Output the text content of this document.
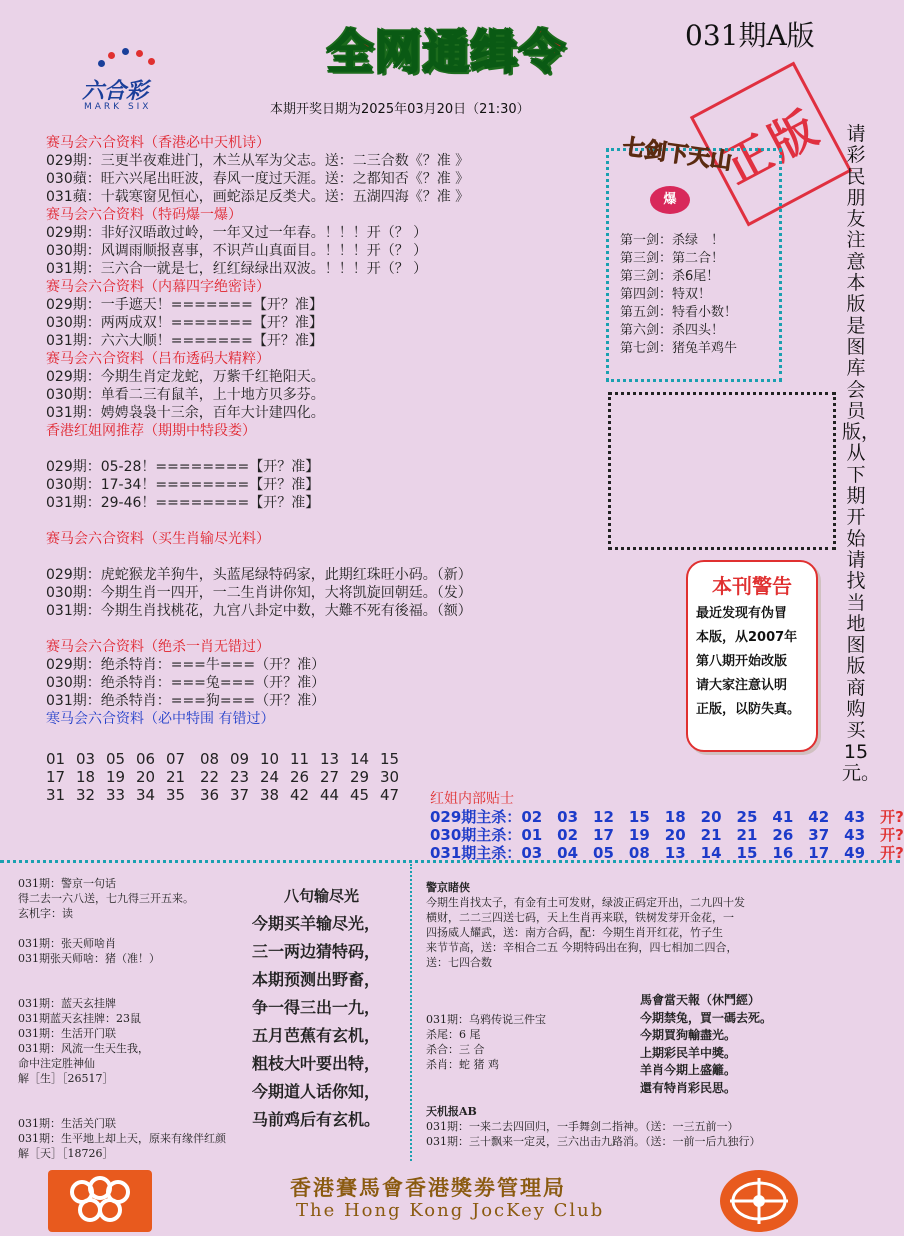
六合彩
MARK SIX
全网通缉令	031期A版
本期开奖日期为2025年03月20日（21:30）	正版
赛马会六合资料（香港必中天机诗）
029期：三更半夜难进门，木兰从军为父志。送：二三合数《？准 》
030蘋：旺六兴尾出旺波，春风一度过天涯。送：之都知否《？准 》
031蘋：十载寒窗见恒心，画蛇添足反类犬。送：五湖四海《？准 》
赛马会六合资料（特码爆一爆）
029期：非好汉晤敢过岭，一年又过一年春。！！！开（？ ）
030期：风调雨顺报喜事，不识芦山真面目。！！！开（？ ）
031期：三六合一就是七，红红绿绿出双波。！！！开（？ ）
赛马会六合资料（内幕四字绝密诗）
029期：一手遮天！=======【开？准】
030期：两两成双！=======【开？准】
031期：六六大顺！=======【开？准】
赛马会六合资料（吕布透码大精粹）
029期：今期生肖定龙蛇，万紫千红艳阳天。
030期：单看二三有鼠羊，上十地方贝多芬。
031期：娉娉袅袅十三余，百年大计建四化。
香港红姐网推荐（期期中特段娄）
029期：05-28！========【开？准】
030期：17-34！========【开？准】
031期：29-46！========【开？准】
赛马会六合资料（买生肖输尽光料）
029期：虎蛇猴龙羊狗牛，头蓝尾绿特码家，此期红珠旺小码。（新）
030期：今期生肖一四开，一二生肖讲你知，大将凯旋回朝廷。（发）
031期：今期生肖找桃花，九宫八卦定中数，大難不死有後福。（额）
赛马会六合资料（绝杀一肖无错过）
029期：绝杀特肖：===牛===（开？准）
030期：绝杀特肖：===兔===（开？准）
031期：绝杀特肖：===狗===（开？准）
寒马会六合资料（必中特围 有错过）
01 03 05 06 07 08 09 10 11 13 14 15
17 18 19 20 21 22 23 24 26 27 29 30
31 32 33 34 35 36 37 38 42 44 45 47
七剑下天山
爆
第一剑：杀绿　！
第三剑：第二合！
第三剑：杀6尾！
第四剑：特双！
第五剑：特看小数！
第六剑：杀四头！
第七剑：猪兔羊鸡牛
请彩民朋友注意本版是图库会员版，从下期开始请找当地图版商购买15元。
本刊警告
最近发现有伪冒
本版，从2007年
第八期开始改版
请大家注意认明
正版，以防失真。
红姐内部贴士
029期主杀：02　03　12　15　18　20　25　41　42　43　 开?
030期主杀：01　02　17　19　20　21　21　26　37　43　 开?
031期主杀：03　04　05　08　13　14　15　16　17　49　 开?
031期：警京一句话
得二去一六八送，七九得三开五来。
玄机字：读
031期：张天师啥肖
031期张天师啥：猪（准！）
031期：蓝天玄挂牌
031期蓝天玄挂牌：23鼠
031期：生活开门联
031期：风流一生天生我，
命中注定胜神仙
解［生］［26517］
031期：生活关门联
031期：生平地上却上天，原来有缘伴红颜
解［天］［18726］
八句输尽光
今期买羊输尽光，
三一两边猜特码，
本期预测出野畜，
争一得三出一九，
五月芭蕉有玄机，
粗枝大叶要出特，
今期道人话你知，
马前鸡后有玄机。
警京睹侠
今期生肖找太子，有金有土可发财，绿波正码定开出，二九四十发
横财，二二三四送七码，天上生肖再来联，铁树发芽开金花，一
四扬威人耀武，送：南方合码，配：今期生肖开红花，竹子生
来节节高，送：辛相合二五 今期特码出在狗，四七相加二四合，
送：七四合数
031期：乌鸦传说三件宝
杀尾：6 尾
杀合：三 合
杀肖：蛇 猪 鸡
馬會當天報（休鬥經）
今期禁兔，買一碼去死。
今期買狗輸盡光。
上期彩民羊中獎。
羊肖今期上盛籬。
還有特肖彩民思。
天机报AB
031期：一来二去四回归，一手舞剑二指神。（送：一三五前一）
031期：三十飘来一定灵，三六出击九路消。（送：一前一后九独行）
香港賽馬會香港獎劵管理局
The Hong Kong JocKey Club
